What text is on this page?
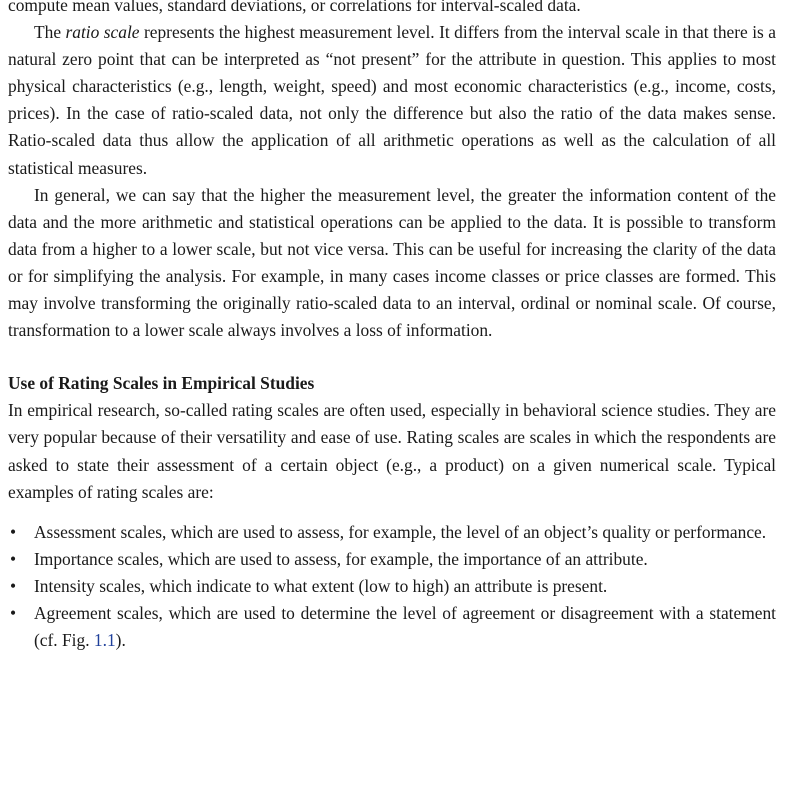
compute mean values, standard deviations, or correlations for interval-scaled data.

The ratio scale represents the highest measurement level. It differs from the interval scale in that there is a natural zero point that can be interpreted as “not present” for the attribute in question. This applies to most physical characteristics (e.g., length, weight, speed) and most economic characteristics (e.g., income, costs, prices). In the case of ratio-scaled data, not only the difference but also the ratio of the data makes sense. Ratio-scaled data thus allow the application of all arithmetic operations as well as the calculation of all statistical measures.

In general, we can say that the higher the measurement level, the greater the information content of the data and the more arithmetic and statistical operations can be applied to the data. It is possible to transform data from a higher to a lower scale, but not vice versa. This can be useful for increasing the clarity of the data or for simplifying the analysis. For example, in many cases income classes or price classes are formed. This may involve transforming the originally ratio-scaled data to an interval, ordinal or nominal scale. Of course, transformation to a lower scale always involves a loss of information.

Use of Rating Scales in Empirical Studies

In empirical research, so-called rating scales are often used, especially in behavioral science studies. They are very popular because of their versatility and ease of use. Rating scales are scales in which the respondents are asked to state their assessment of a certain object (e.g., a product) on a given numerical scale. Typical examples of rating scales are:

• Assessment scales, which are used to assess, for example, the level of an object’s quality or performance.
• Importance scales, which are used to assess, for example, the importance of an attribute.
• Intensity scales, which indicate to what extent (low to high) an attribute is present.
• Agreement scales, which are used to determine the level of agreement or disagreement with a statement (cf. Fig. 1.1).
